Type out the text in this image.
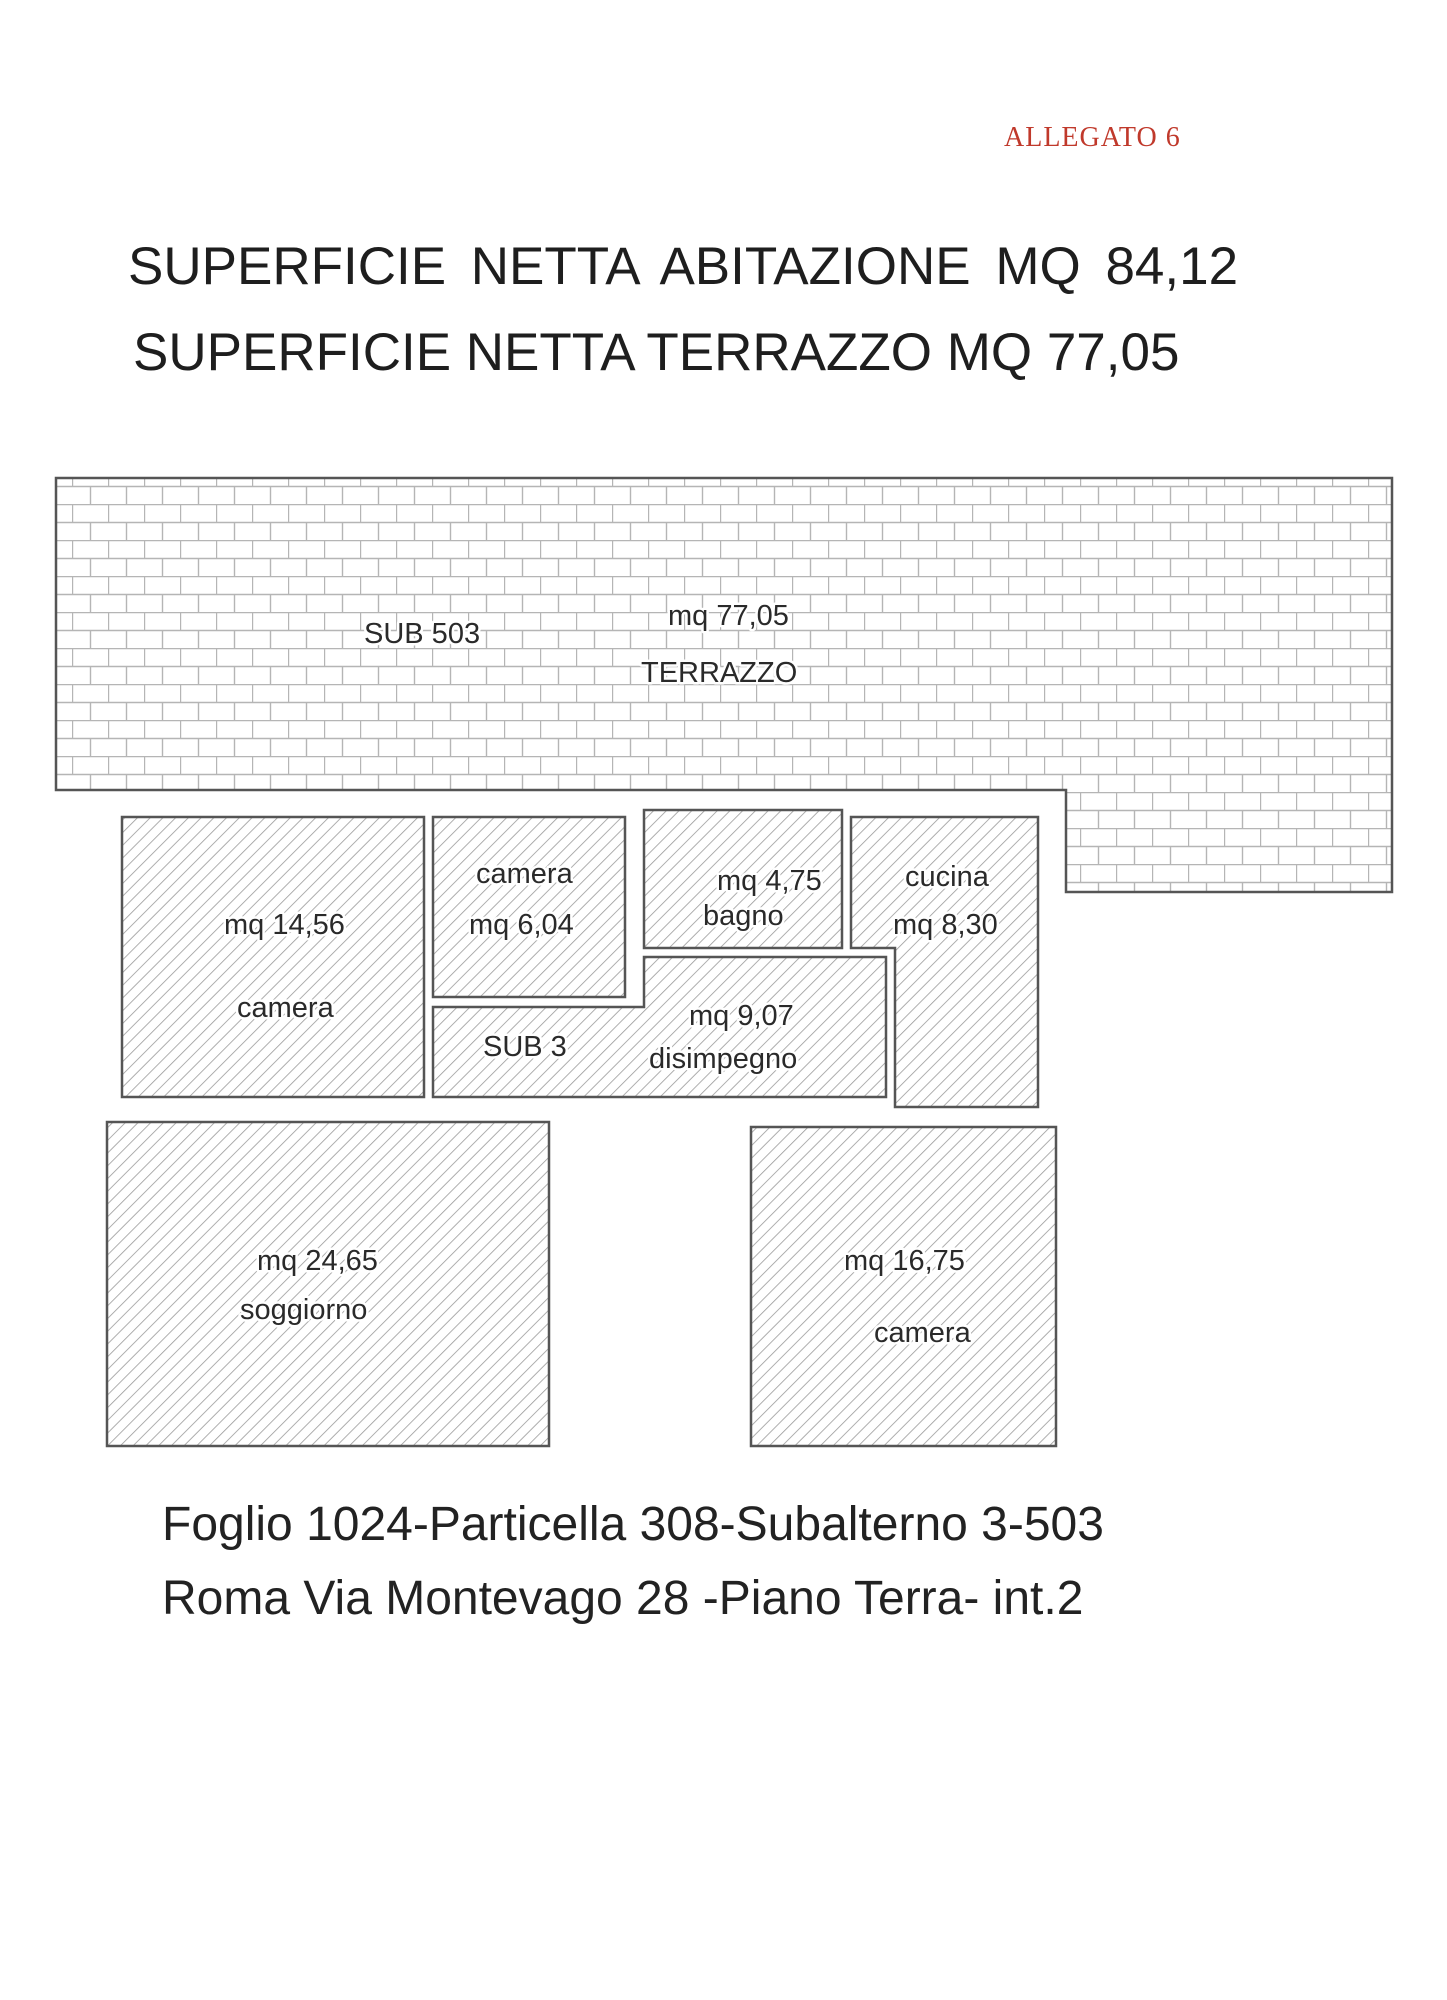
ALLEGATO 6
SUPERFICIE NETTA ABITAZIONE MQ 84,12
SUPERFICIE NETTA TERRAZZO MQ 77,05
SUB 503
mq 77,05
TERRAZZO
mq 14,56
camera
camera
mq 6,04
mq 4,75
bagno
cucina
mq 8,30
mq 9,07
disimpegno
SUB 3
mq 24,65
soggiorno
mq 16,75
camera
Foglio 1024-Particella 308-Subalterno 3-503
Roma Via Montevago 28 -Piano Terra- int.2
